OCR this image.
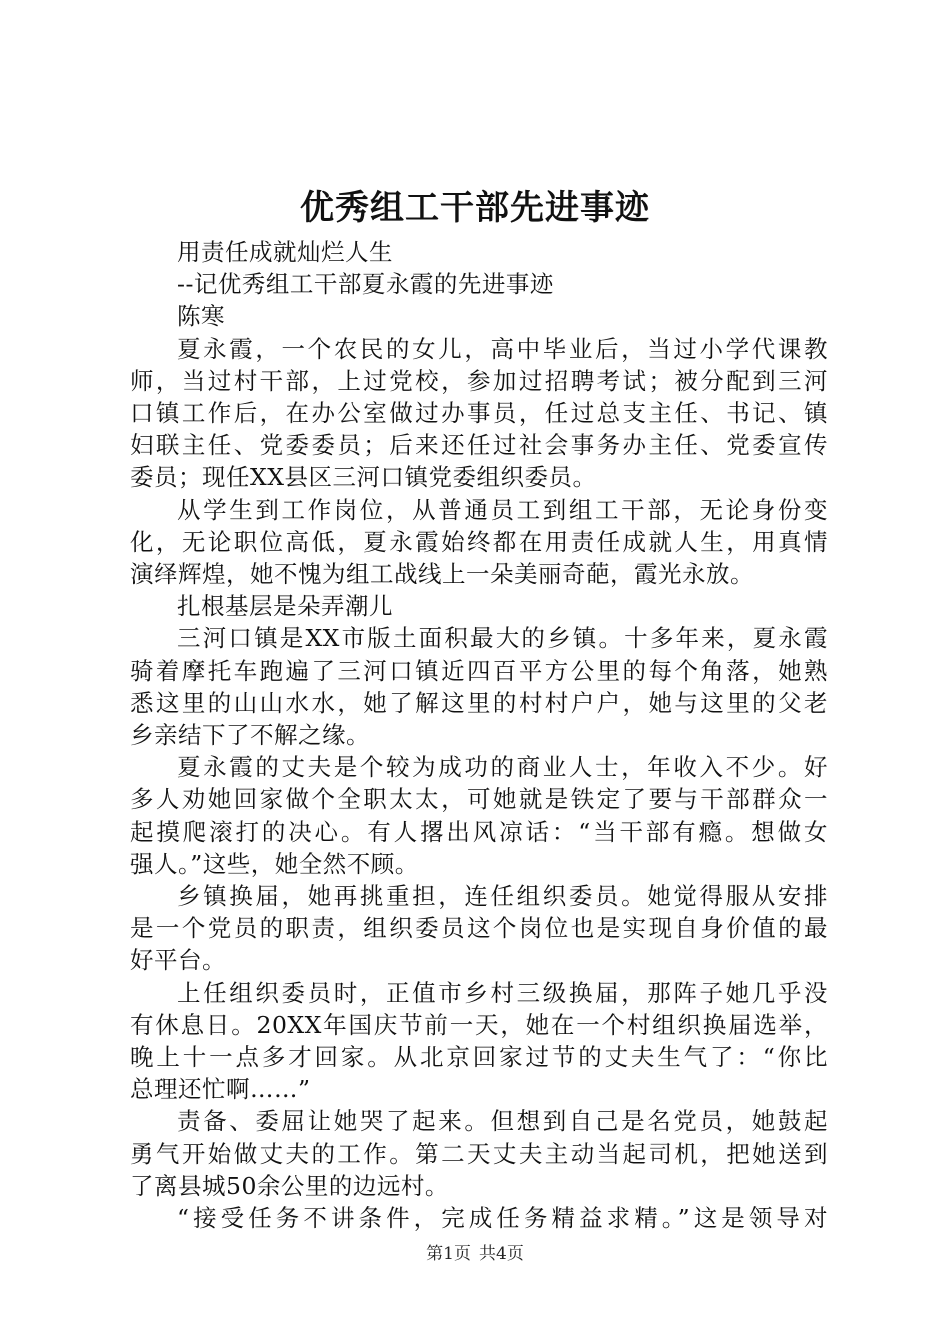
优秀组工干部先进事迹

用责任成就灿烂人生

--记优秀组工干部夏永霞的先进事迹

陈寒

夏永霞，一个农民的女儿，高中毕业后，当过小学代课教

师，当过村干部，上过党校，参加过招聘考试；被分配到三河

口镇工作后，在办公室做过办事员，任过总支主任、书记、镇

妇联主任、党委委员；后来还任过社会事务办主任、党委宣传

委员；现任XX县区三河口镇党委组织委员。

从学生到工作岗位，从普通员工到组工干部，无论身份变

化，无论职位高低，夏永霞始终都在用责任成就人生，用真情

演绎辉煌，她不愧为组工战线上一朵美丽奇葩，霞光永放。

扎根基层是朵弄潮儿

三河口镇是XX市版土面积最大的乡镇。十多年来，夏永霞

骑着摩托车跑遍了三河口镇近四百平方公里的每个角落，她熟

悉这里的山山水水，她了解这里的村村户户，她与这里的父老

乡亲结下了不解之缘。

夏永霞的丈夫是个较为成功的商业人士，年收入不少。好

多人劝她回家做个全职太太，可她就是铁定了要与干部群众一

起摸爬滚打的决心。有人撂出风凉话：“当干部有瘾。想做女

强人。”这些，她全然不顾。

乡镇换届，她再挑重担，连任组织委员。她觉得服从安排

是一个党员的职责，组织委员这个岗位也是实现自身价值的最

好平台。

上任组织委员时，正值市乡村三级换届，那阵子她几乎没

有休息日。20XX年国庆节前一天，她在一个村组织换届选举，

晚上十一点多才回家。从北京回家过节的丈夫生气了：“你比

总理还忙啊……”

责备、委屈让她哭了起来。但想到自己是名党员，她鼓起

勇气开始做丈夫的工作。第二天丈夫主动当起司机，把她送到

了离县城50余公里的边远村。

“接受任务不讲条件，完成任务精益求精。”这是领导对

第1页 共4页
